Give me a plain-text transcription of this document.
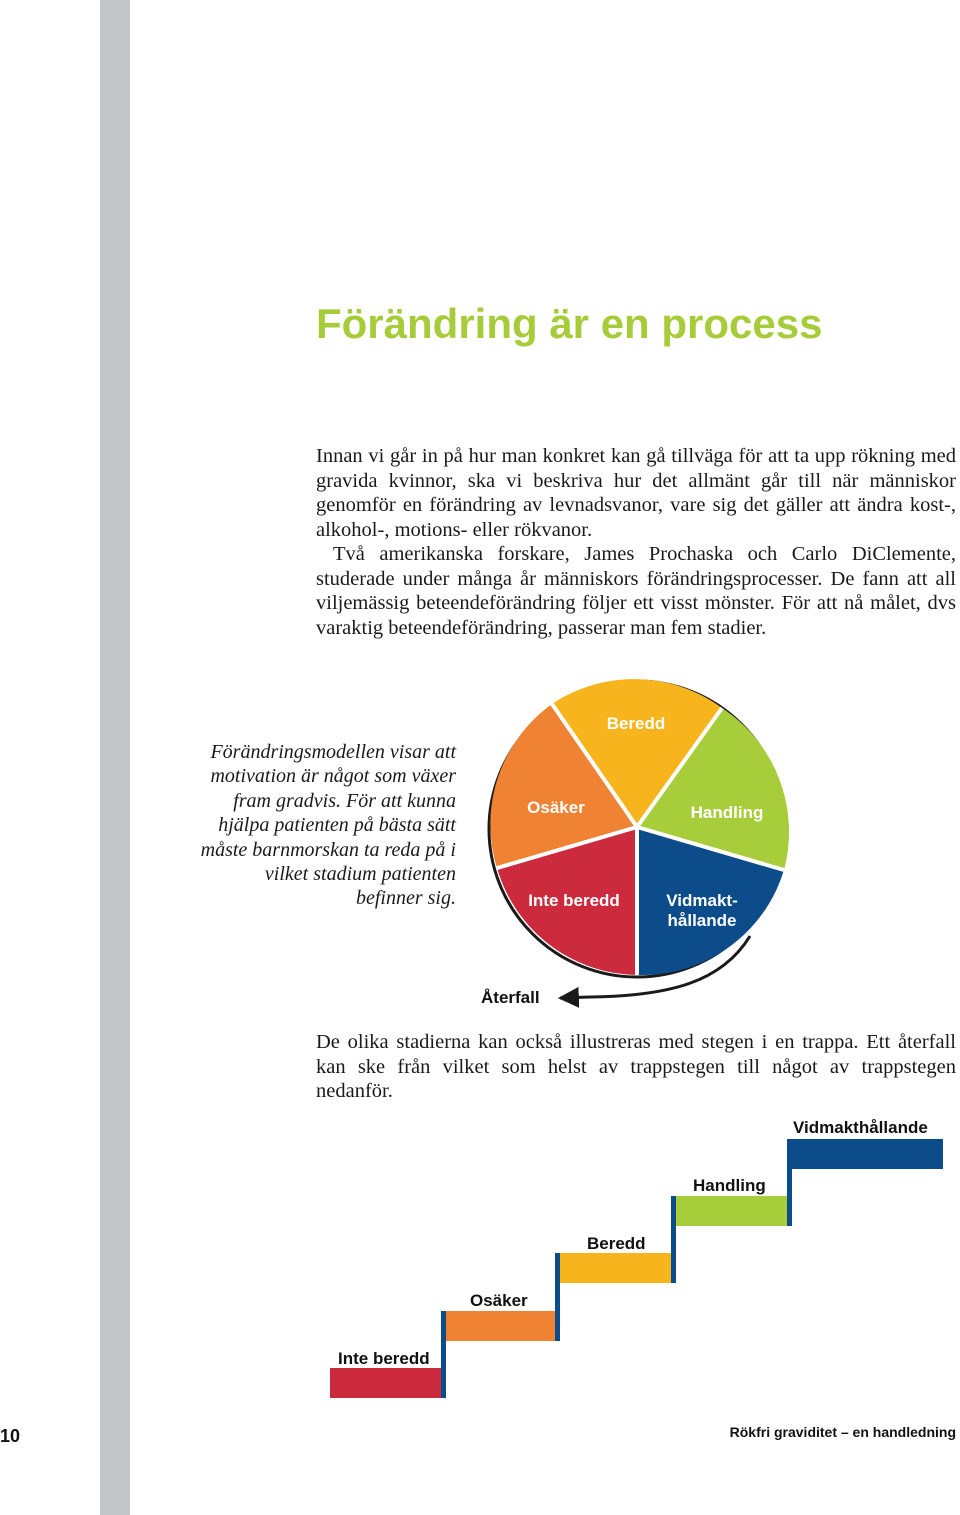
Förändring är en process

Innan vi går in på hur man konkret kan gå tillväga för att ta upp rökning med gravida kvinnor, ska vi beskriva hur det allmänt går till när människor genomför en förändring av levnadsvanor, vare sig det gäller att ändra kost-, alkohol-, motions- eller rökvanor.

Två amerikanska forskare, James Prochaska och Carlo DiClemente, studerade under många år människors förändringsprocesser. De fann att all viljemässig beteendeförändring följer ett visst mönster. För att nå målet, dvs varaktig beteendeförändring, passerar man fem stadier.

Förändringsmodellen visar att motivation är något som växer fram gradvis. För att kunna hjälpa patienten på bästa sätt måste barnmorskan ta reda på i vilket stadium patienten befinner sig.

Beredd
Handling
Vidmakt-
hållande
Inte beredd
Osäker
Återfall
Inte beredd
Osäker
Beredd
Handling
Vidmakthållande

De olika stadierna kan också illustreras med stegen i en trappa. Ett återfall kan ske från vilket som helst av trappstegen till något av trappstegen nedanför.

10	Rökfri graviditet – en handledning
